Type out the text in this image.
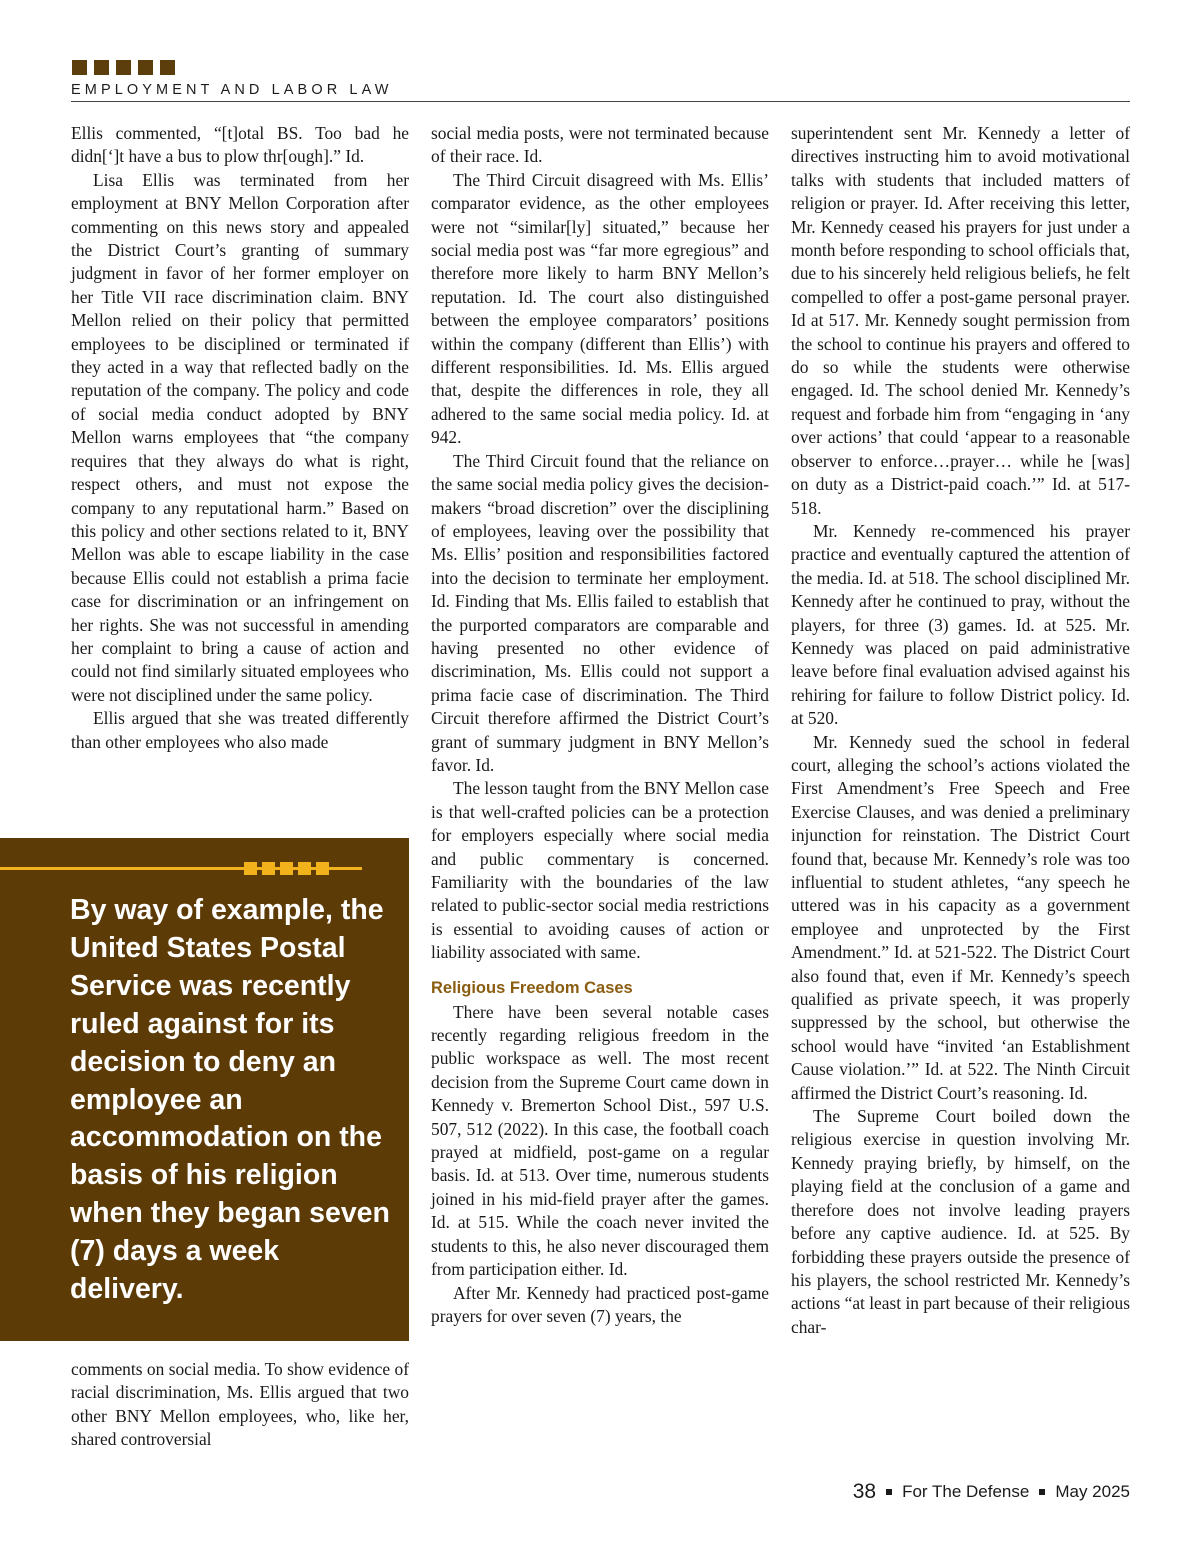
EMPLOYMENT AND LABOR LAW

Ellis commented, “[t]otal BS. Too bad he didn[‘]t have a bus to plow thr[ough].” Id.

Lisa Ellis was terminated from her employment at BNY Mellon Corporation after commenting on this news story and appealed the District Court’s granting of summary judgment in favor of her former employer on her Title VII race discrimination claim. BNY Mellon relied on their policy that permitted employees to be disciplined or terminated if they acted in a way that reflected badly on the reputation of the company. The policy and code of social media conduct adopted by BNY Mellon warns employees that “the company requires that they always do what is right, respect others, and must not expose the company to any reputational harm.” Based on this policy and other sections related to it, BNY Mellon was able to escape liability in the case because Ellis could not establish a prima facie case for discrimination or an infringement on her rights. She was not successful in amending her complaint to bring a cause of action and could not find similarly situated employees who were not disciplined under the same policy.

Ellis argued that she was treated differently than other employees who also made

By way of example, the United States Postal Service was recently ruled against for its decision to deny an employee an accommodation on the basis of his religion when they began seven (7) days a week delivery.

comments on social media. To show evidence of racial discrimination, Ms. Ellis argued that two other BNY Mellon employees, who, like her, shared controversial

social media posts, were not terminated because of their race. Id.

The Third Circuit disagreed with Ms. Ellis’ comparator evidence, as the other employees were not “similar[ly] situated,” because her social media post was “far more egregious” and therefore more likely to harm BNY Mellon’s reputation. Id. The court also distinguished between the employee comparators’ positions within the company (different than Ellis’) with different responsibilities. Id. Ms. Ellis argued that, despite the differences in role, they all adhered to the same social media policy. Id. at 942.

The Third Circuit found that the reliance on the same social media policy gives the decision-makers “broad discretion” over the disciplining of employees, leaving over the possibility that Ms. Ellis’ position and responsibilities factored into the decision to terminate her employment. Id. Finding that Ms. Ellis failed to establish that the purported comparators are comparable and having presented no other evidence of discrimination, Ms. Ellis could not support a prima facie case of discrimination. The Third Circuit therefore affirmed the District Court’s grant of summary judgment in BNY Mellon’s favor. Id.

The lesson taught from the BNY Mellon case is that well-crafted policies can be a protection for employers especially where social media and public commentary is concerned. Familiarity with the boundaries of the law related to public-sector social media restrictions is essential to avoiding causes of action or liability associated with same.

Religious Freedom Cases

There have been several notable cases recently regarding religious freedom in the public workspace as well. The most recent decision from the Supreme Court came down in Kennedy v. Bremerton School Dist., 597 U.S. 507, 512 (2022). In this case, the football coach prayed at midfield, post-game on a regular basis. Id. at 513. Over time, numerous students joined in his mid-field prayer after the games. Id. at 515. While the coach never invited the students to this, he also never discouraged them from participation either. Id.

After Mr. Kennedy had practiced post-game prayers for over seven (7) years, the

superintendent sent Mr. Kennedy a letter of directives instructing him to avoid motivational talks with students that included matters of religion or prayer. Id. After receiving this letter, Mr. Kennedy ceased his prayers for just under a month before responding to school officials that, due to his sincerely held religious beliefs, he felt compelled to offer a post-game personal prayer. Id at 517. Mr. Kennedy sought permission from the school to continue his prayers and offered to do so while the students were otherwise engaged. Id. The school denied Mr. Kennedy’s request and forbade him from “engaging in ‘any over actions’ that could ‘appear to a reasonable observer to enforce…prayer… while he [was] on duty as a District-paid coach.’” Id. at 517-518.

Mr. Kennedy re-commenced his prayer practice and eventually captured the attention of the media. Id. at 518. The school disciplined Mr. Kennedy after he continued to pray, without the players, for three (3) games. Id. at 525. Mr. Kennedy was placed on paid administrative leave before final evaluation advised against his rehiring for failure to follow District policy. Id. at 520.

Mr. Kennedy sued the school in federal court, alleging the school’s actions violated the First Amendment’s Free Speech and Free Exercise Clauses, and was denied a preliminary injunction for reinstation. The District Court found that, because Mr. Kennedy’s role was too influential to student athletes, “any speech he uttered was in his capacity as a government employee and unprotected by the First Amendment.” Id. at 521-522. The District Court also found that, even if Mr. Kennedy’s speech qualified as private speech, it was properly suppressed by the school, but otherwise the school would have “invited ‘an Establishment Cause violation.’” Id. at 522. The Ninth Circuit affirmed the District Court’s reasoning. Id.

The Supreme Court boiled down the religious exercise in question involving Mr. Kennedy praying briefly, by himself, on the playing field at the conclusion of a game and therefore does not involve leading prayers before any captive audience. Id. at 525. By forbidding these prayers outside the presence of his players, the school restricted Mr. Kennedy’s actions “at least in part because of their religious char-

38 For The Defense May 2025
